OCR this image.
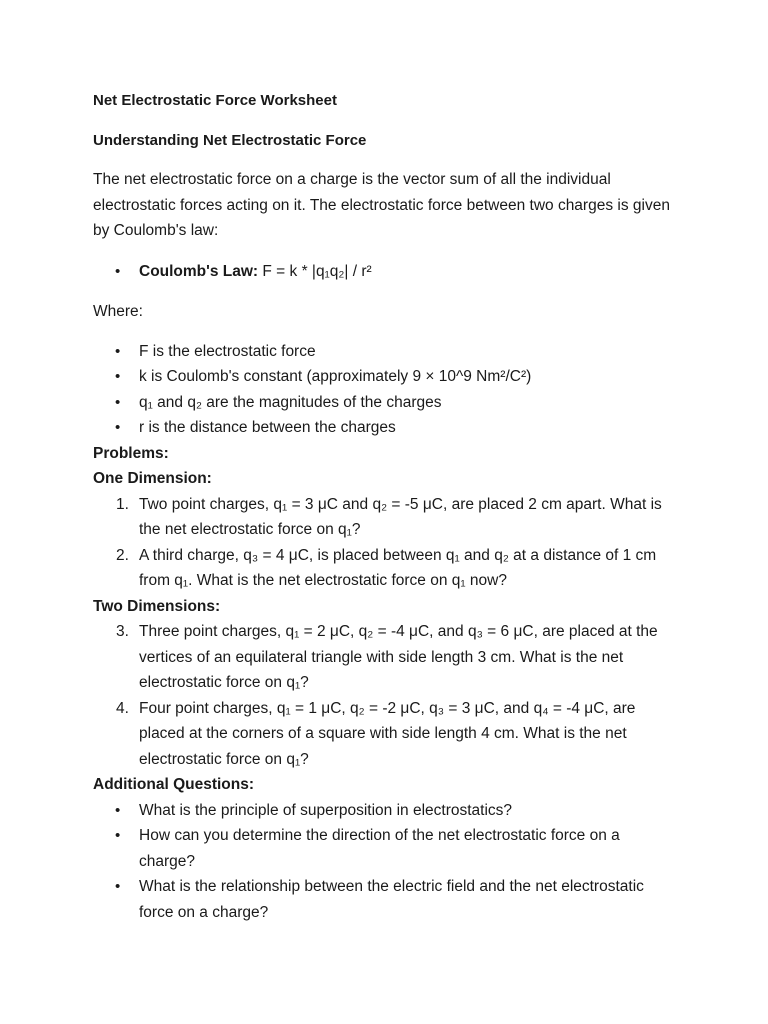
Net Electrostatic Force Worksheet
Understanding Net Electrostatic Force

The net electrostatic force on a charge is the vector sum of all the individual electrostatic forces acting on it. The electrostatic force between two charges is given by Coulomb's law:

• Coulomb's Law: F = k * |q₁q₂| / r²

Where:

• F is the electrostatic force
• k is Coulomb's constant (approximately 9 × 10^9 Nm²/C²)
• q₁ and q₂ are the magnitudes of the charges
• r is the distance between the charges

Problems:

One Dimension:

1. Two point charges, q₁ = 3 μC and q₂ = -5 μC, are placed 2 cm apart. What is the net electrostatic force on q₁?
2. A third charge, q₃ = 4 μC, is placed between q₁ and q₂ at a distance of 1 cm from q₁. What is the net electrostatic force on q₁ now?

Two Dimensions:

3. Three point charges, q₁ = 2 μC, q₂ = -4 μC, and q₃ = 6 μC, are placed at the vertices of an equilateral triangle with side length 3 cm. What is the net electrostatic force on q₁?
4. Four point charges, q₁ = 1 μC, q₂ = -2 μC, q₃ = 3 μC, and q₄ = -4 μC, are placed at the corners of a square with side length 4 cm. What is the net electrostatic force on q₁?

Additional Questions:

• What is the principle of superposition in electrostatics?
• How can you determine the direction of the net electrostatic force on a charge?
• What is the relationship between the electric field and the net electrostatic force on a charge?
